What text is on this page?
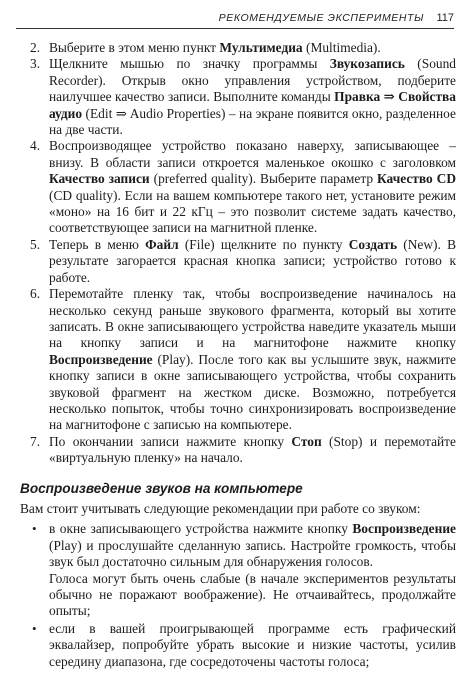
РЕКОМЕНДУЕМЫЕ ЭКСПЕРИМЕНТЫ 117
2. Выберите в этом меню пункт Мультимедиа (Multimedia).
3. Щелкните мышью по значку программы Звукозапись (Sound Recorder). Открыв окно управления устройством, подберите наилучшее качество записи. Выполните команды Правка ⇒ Свойства аудио (Edit ⇒ Audio Properties) – на экране появится окно, разделенное на две части.
4. Воспроизводящее устройство показано наверху, записывающее – внизу. В области записи откроется маленькое окошко с заголовком Качество записи (preferred quality). Выберите параметр Качество CD (CD quality). Если на вашем компьютере такого нет, установите режим «моно» на 16 бит и 22 кГц – это позволит системе задать качество, соответствующее записи на магнитной пленке.
5. Теперь в меню Файл (File) щелкните по пункту Создать (New). В результате загорается красная кнопка записи; устройство готово к работе.
6. Перемотайте пленку так, чтобы воспроизведение начиналось на несколько секунд раньше звукового фрагмента, который вы хотите записать. В окне записывающего устройства наведите указатель мыши на кнопку записи и на магнитофоне нажмите кнопку Воспроизведение (Play). После того как вы услышите звук, нажмите кнопку записи в окне записывающего устройства, чтобы сохранить звуковой фрагмент на жестком диске. Возможно, потребуется несколько попыток, чтобы точно синхронизировать воспроизведение на магнитофоне с записью на компьютере.
7. По окончании записи нажмите кнопку Стоп (Stop) и перемотайте «виртуальную пленку» на начало.
Воспроизведение звуков на компьютере

Вам стоит учитывать следующие рекомендации при работе со звуком:

• в окне записывающего устройства нажмите кнопку Воспроизведение (Play) и прослушайте сделанную запись. Настройте громкость, чтобы звук был достаточно сильным для обнаружения голосов.
Голоса могут быть очень слабые (в начале экспериментов результаты обычно не поражают воображение). Не отчаивайтесь, продолжайте опыты;
• если в вашей проигрывающей программе есть графический эквалайзер, попробуйте убрать высокие и низкие частоты, усилив середину диапазона, где сосредоточены частоты голоса;
